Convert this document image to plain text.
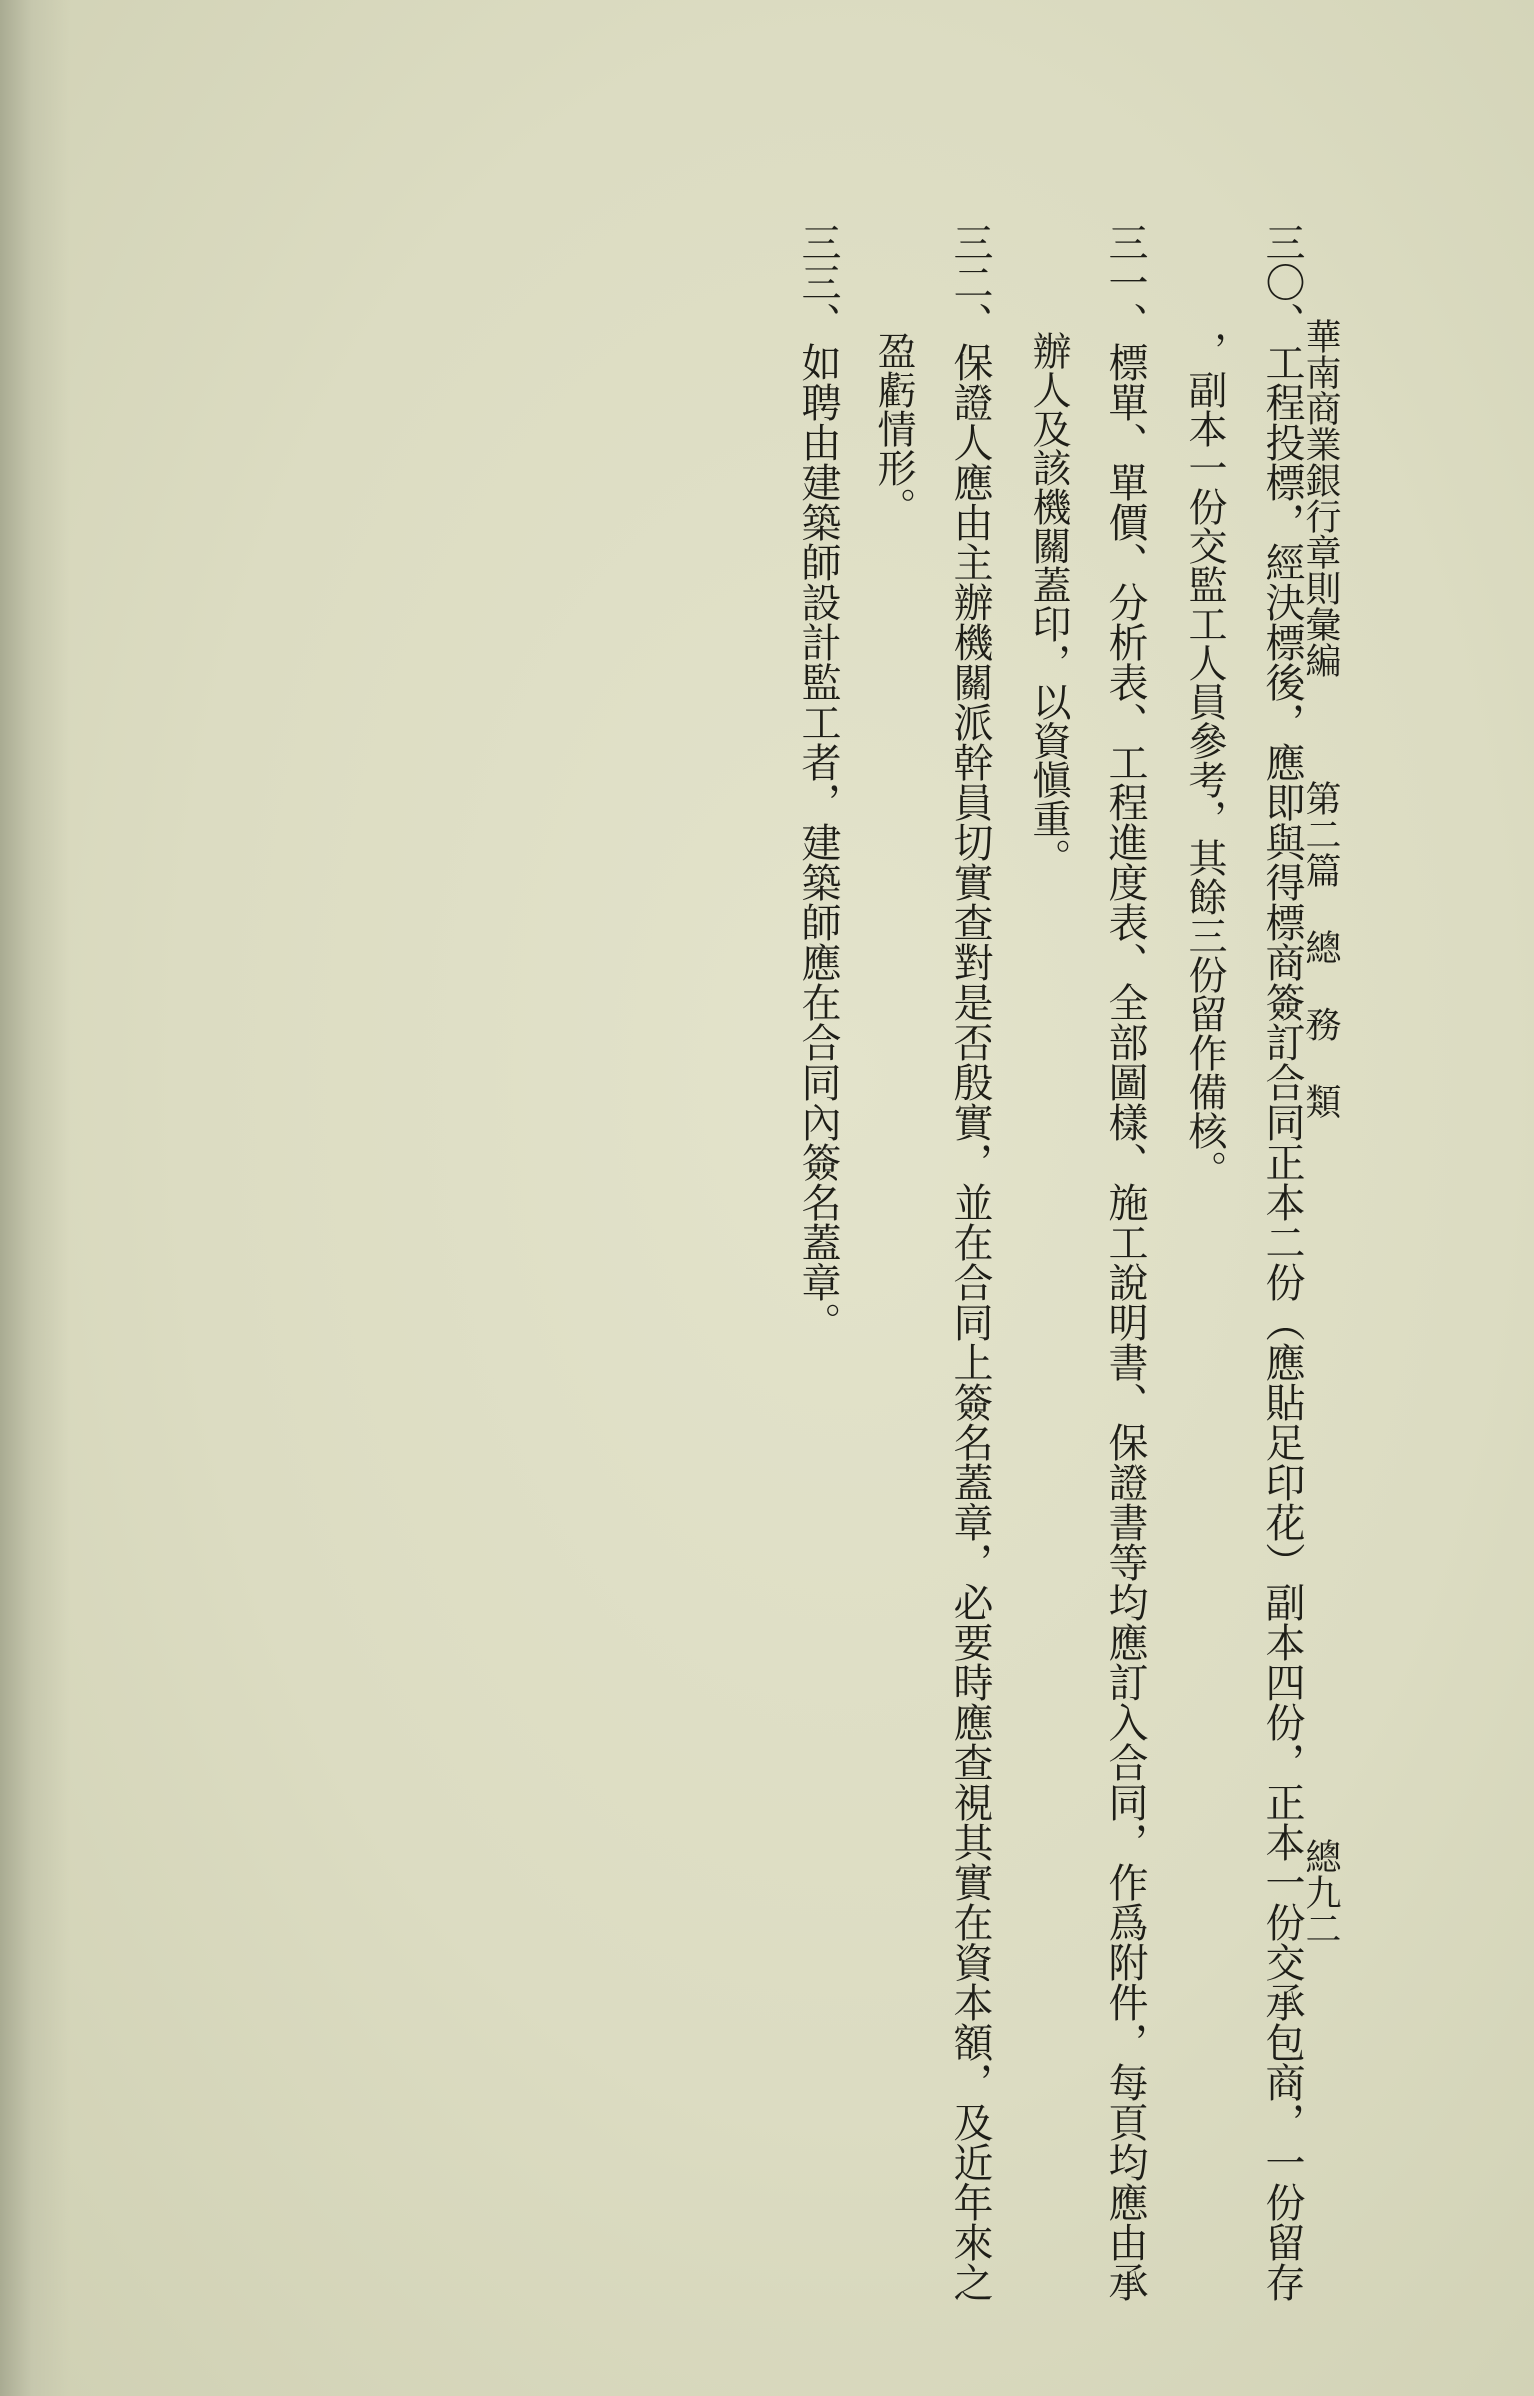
華南商業銀行章則彙編
第二篇 總 務 類
總九二
三〇、工程投標，經決標後，應即與得標商簽訂合同正本二份（應貼足印花）副本四份，正本一份交承包商，一份留存
，副本一份交監工人員參考，其餘三份留作備核。
三一、標單、單價、分析表、工程進度表、全部圖樣、施工說明書、保證書等均應訂入合同，作爲附件，每頁均應由承
辦人及該機關蓋印，以資愼重。
三二、保證人應由主辦機關派幹員切實查對是否殷實，並在合同上簽名蓋章，必要時應查視其實在資本額，及近年來之
盈虧情形。
三三、如聘由建築師設計監工者，建築師應在合同內簽名蓋章。
